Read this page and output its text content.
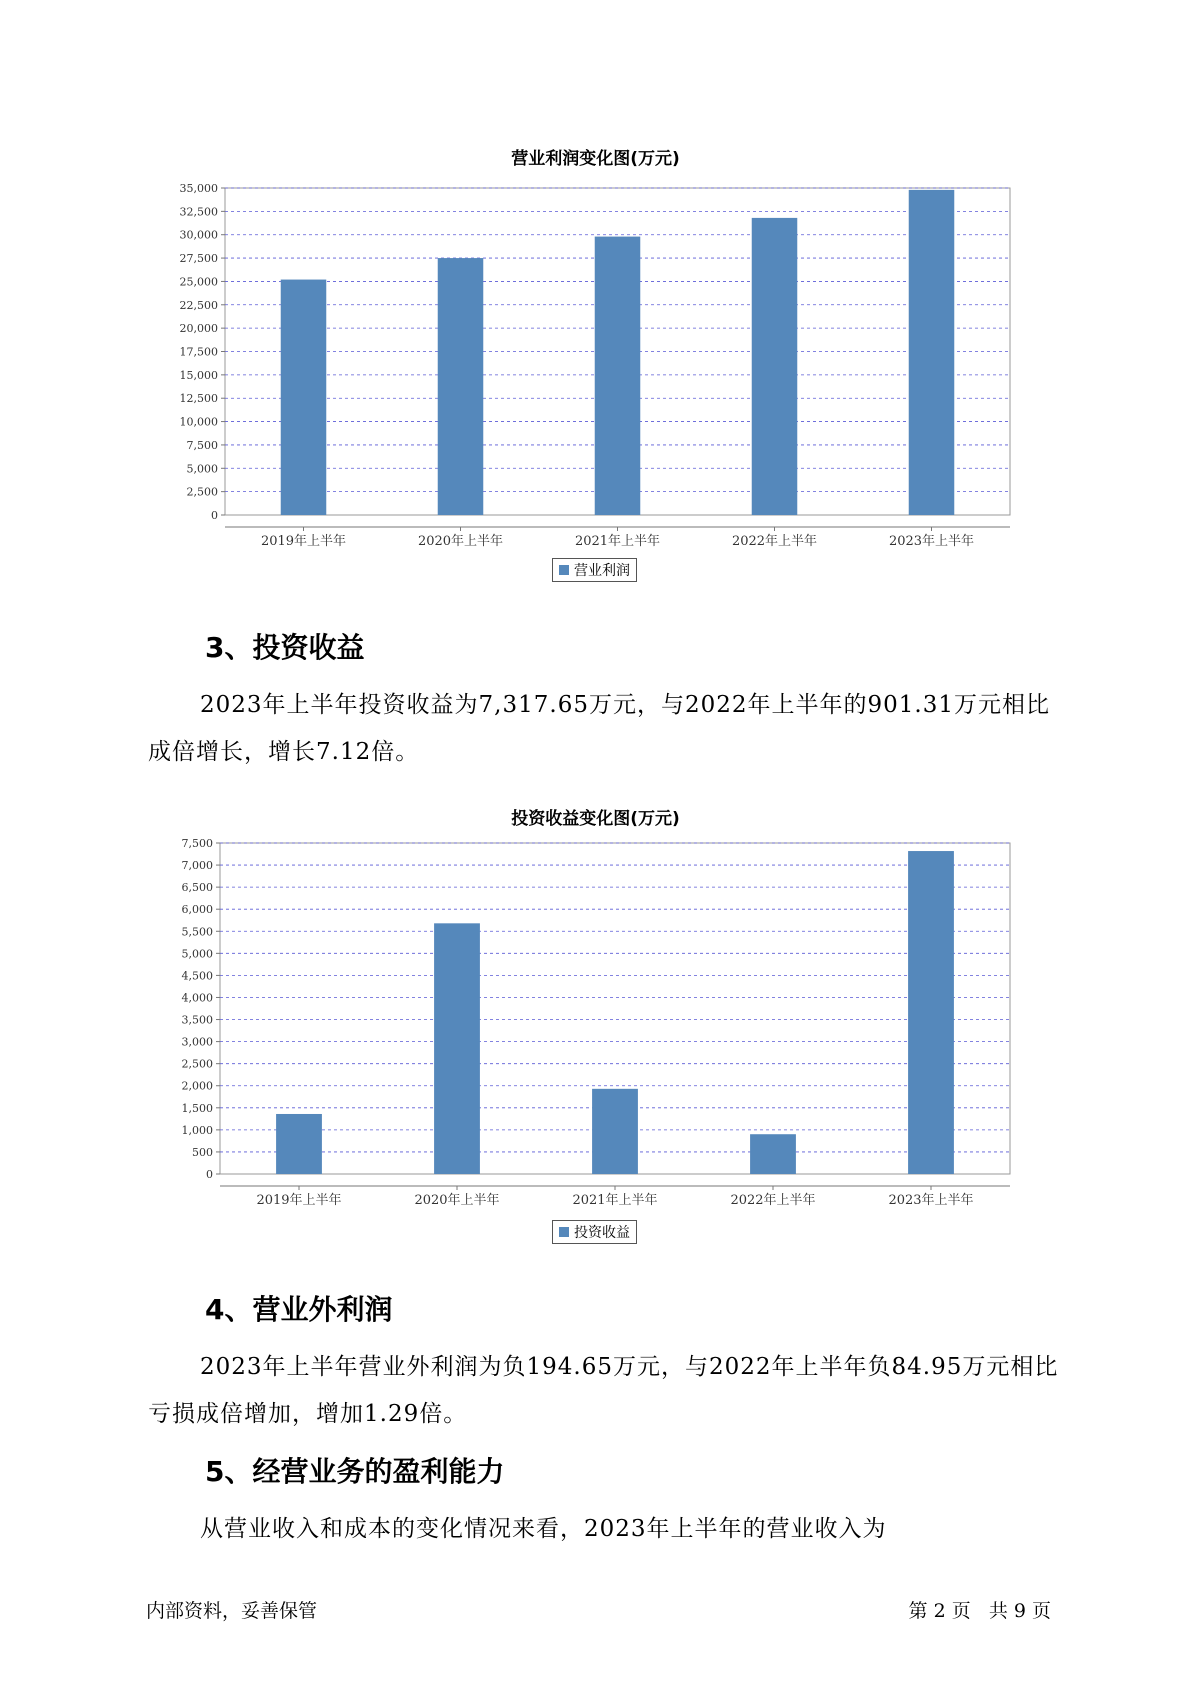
营业利润变化图(万元)
0
2,500
5,000
7,500
10,000
12,500
15,000
17,500
20,000
22,500
25,000
27,500
30,000
32,500
35,000
2019年上半年	2020年上半年	2021年上半年	2022年上半年	2023年上半年
营业利润
3、投资收益

2023年上半年投资收益为7,317.65万元，与2022年上半年的901.31万元相比成倍增长，增长7.12倍。

投资收益变化图(万元)
0
500
1,000
1,500
2,000
2,500
3,000
3,500
4,000
4,500
5,000
5,500
6,000
6,500
7,000
7,500
2019年上半年	2020年上半年	2021年上半年	2022年上半年	2023年上半年
投资收益
4、营业外利润

2023年上半年营业外利润为负194.65万元，与2022年上半年负84.95万元相比亏损成倍增加，增加1.29倍。

5、经营业务的盈利能力

从营业收入和成本的变化情况来看，2023年上半年的营业收入为

内部资料，妥善保管	第 2 页   共 9 页
